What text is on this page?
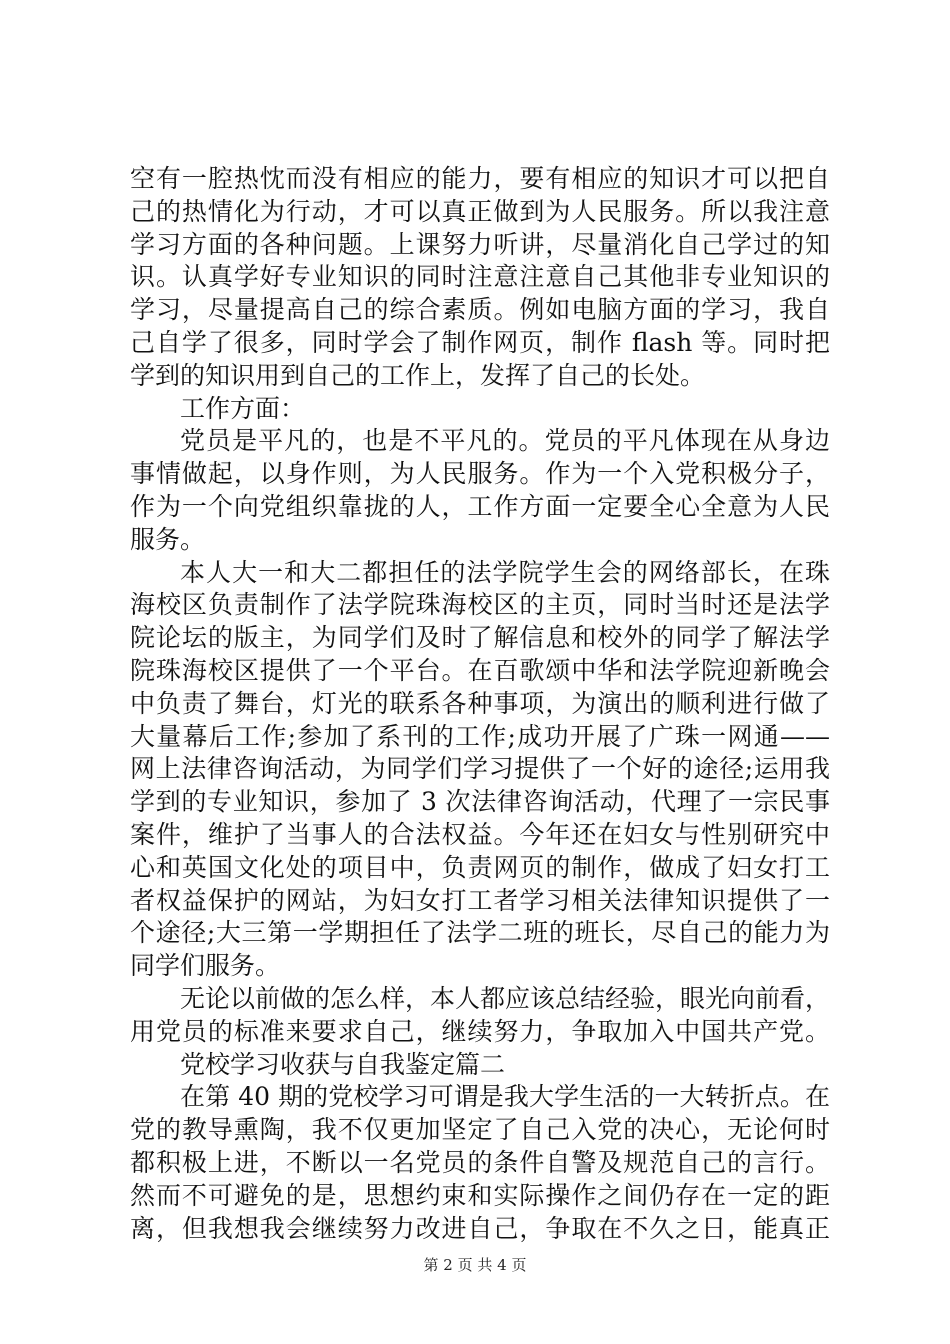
空有一腔热忱而没有相应的能力，要有相应的知识才可以把自
己的热情化为行动，才可以真正做到为人民服务。所以我注意
学习方面的各种问题。上课努力听讲，尽量消化自己学过的知
识。认真学好专业知识的同时注意注意自己其他非专业知识的
学习，尽量提高自己的综合素质。例如电脑方面的学习，我自
己自学了很多，同时学会了制作网页，制作 flash 等。同时把
学到的知识用到自己的工作上，发挥了自己的长处。
工作方面：
党员是平凡的，也是不平凡的。党员的平凡体现在从身边
事情做起，以身作则，为人民服务。作为一个入党积极分子，
作为一个向党组织靠拢的人，工作方面一定要全心全意为人民
服务。
本人大一和大二都担任的法学院学生会的网络部长，在珠
海校区负责制作了法学院珠海校区的主页，同时当时还是法学
院论坛的版主，为同学们及时了解信息和校外的同学了解法学
院珠海校区提供了一个平台。在百歌颂中华和法学院迎新晚会
中负责了舞台，灯光的联系各种事项，为演出的顺利进行做了
大量幕后工作;参加了系刊的工作;成功开展了广珠一网通——
网上法律咨询活动，为同学们学习提供了一个好的途径;运用我
学到的专业知识，参加了 3 次法律咨询活动，代理了一宗民事
案件，维护了当事人的合法权益。今年还在妇女与性别研究中
心和英国文化处的项目中，负责网页的制作，做成了妇女打工
者权益保护的网站，为妇女打工者学习相关法律知识提供了一
个途径;大三第一学期担任了法学二班的班长，尽自己的能力为
同学们服务。
无论以前做的怎么样，本人都应该总结经验，眼光向前看，
用党员的标准来要求自己，继续努力，争取加入中国共产党。
党校学习收获与自我鉴定篇二
在第 40 期的党校学习可谓是我大学生活的一大转折点。在
党的教导熏陶，我不仅更加坚定了自己入党的决心，无论何时
都积极上进，不断以一名党员的条件自警及规范自己的言行。
然而不可避免的是，思想约束和实际操作之间仍存在一定的距
离，但我想我会继续努力改进自己，争取在不久之日，能真正
第 2 页 共 4 页
